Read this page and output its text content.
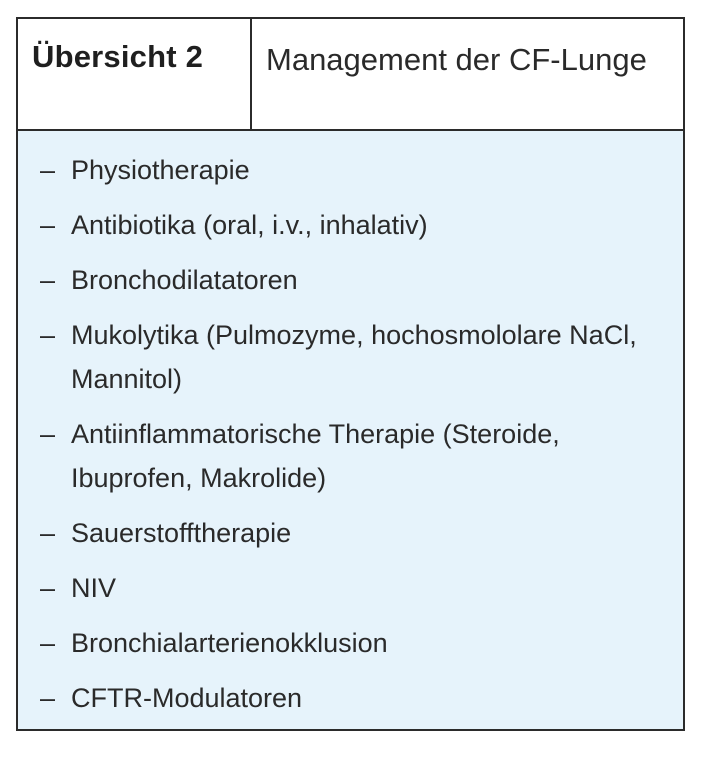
Übersicht 2 Management der CF-Lunge
– Physiotherapie
– Antibiotika (oral, i.v., inhalativ)
– Bronchodilatatoren
– Mukolytika (Pulmozyme, hochosmololare NaCl, Mannitol)
– Antiinflammatorische Therapie (Steroide, Ibuprofen, Makrolide)
– Sauerstofftherapie
– NIV
– Bronchialarterienokklusion
– CFTR-Modulatoren
